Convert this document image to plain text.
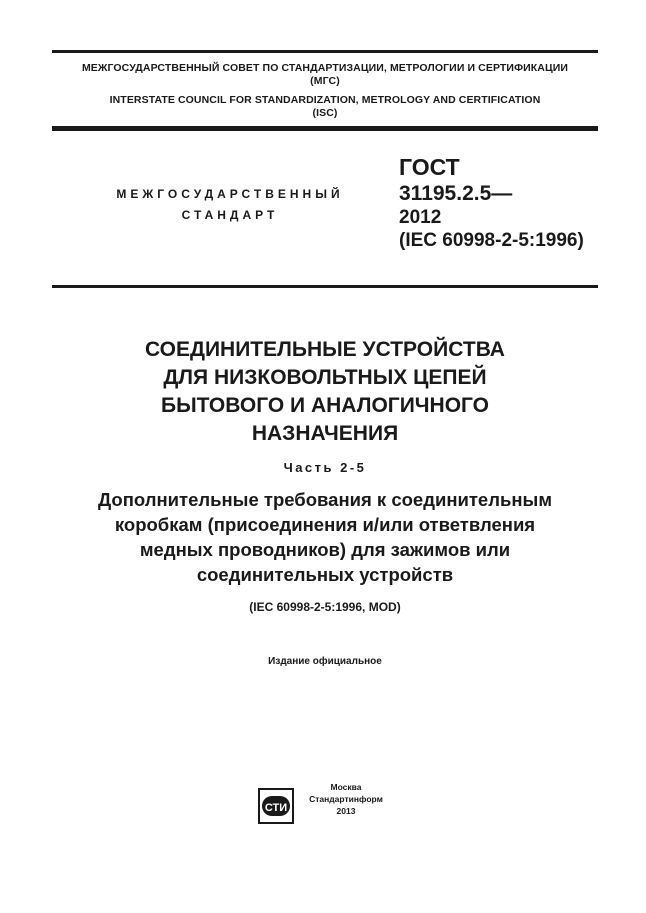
МЕЖГОСУДАРСТВЕННЫЙ СОВЕТ ПО СТАНДАРТИЗАЦИИ, МЕТРОЛОГИИ И СЕРТИФИКАЦИИ
(МГС)
INTERSTATE COUNCIL FOR STANDARDIZATION, METROLOGY AND CERTIFICATION
(ISC)
МЕЖГОСУДАРСТВЕННЫЙ
СТАНДАРТ
ГОСТ
31195.2.5—
2012
(IEC 60998-2-5:1996)
СОЕДИНИТЕЛЬНЫЕ УСТРОЙСТВА
ДЛЯ НИЗКОВОЛЬТНЫХ ЦЕПЕЙ
БЫТОВОГО И АНАЛОГИЧНОГО
НАЗНАЧЕНИЯ
Часть 2-5
Дополнительные требования к соединительным
коробкам (присоединения и/или ответвления
медных проводников) для зажимов или
соединительных устройств
(IEC 60998-2-5:1996, MOD)
Издание официальное
СТИ
Москва
Стандартинформ
2013
